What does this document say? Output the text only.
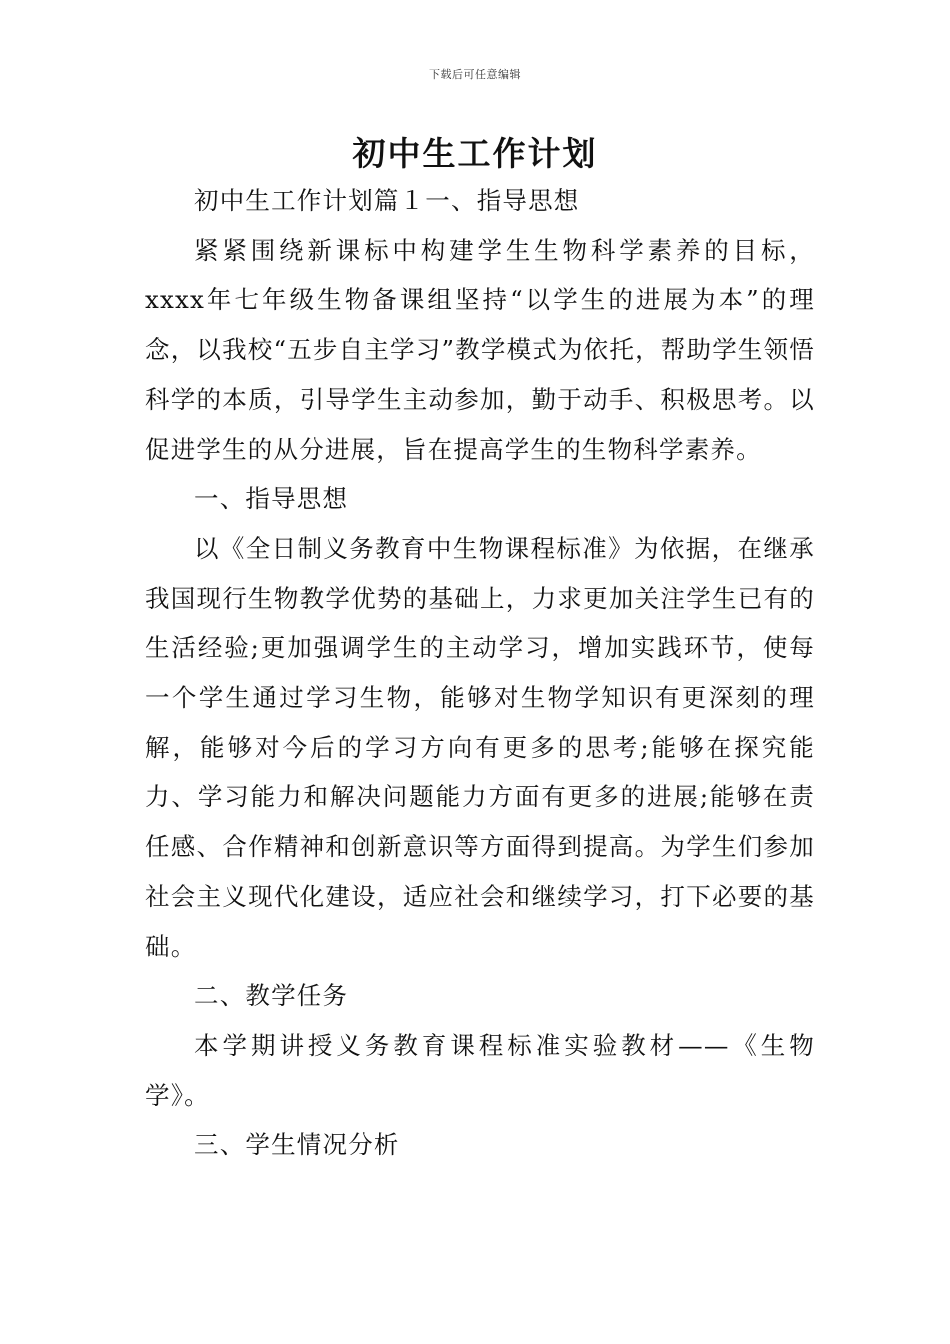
下载后可任意编辑
初中生工作计划

初中生工作计划篇１一、指导思想

紧紧围绕新课标中构建学生生物科学素养的目标，xxxx年七年级生物备课组坚持“以学生的进展为本”的理念，以我校“五步自主学习”教学模式为依托，帮助学生领悟科学的本质，引导学生主动参加，勤于动手、积极思考。以促进学生的从分进展，旨在提高学生的生物科学素养。

一、指导思想

以《全日制义务教育中生物课程标准》为依据，在继承我国现行生物教学优势的基础上，力求更加关注学生已有的生活经验;更加强调学生的主动学习，增加实践环节，使每一个学生通过学习生物，能够对生物学知识有更深刻的理解，能够对今后的学习方向有更多的思考;能够在探究能力、学习能力和解决问题能力方面有更多的进展;能够在责任感、合作精神和创新意识等方面得到提高。为学生们参加社会主义现代化建设，适应社会和继续学习，打下必要的基础。

二、教学任务

本学期讲授义务教育课程标准实验教材——《生物学》。

三、学生情况分析
